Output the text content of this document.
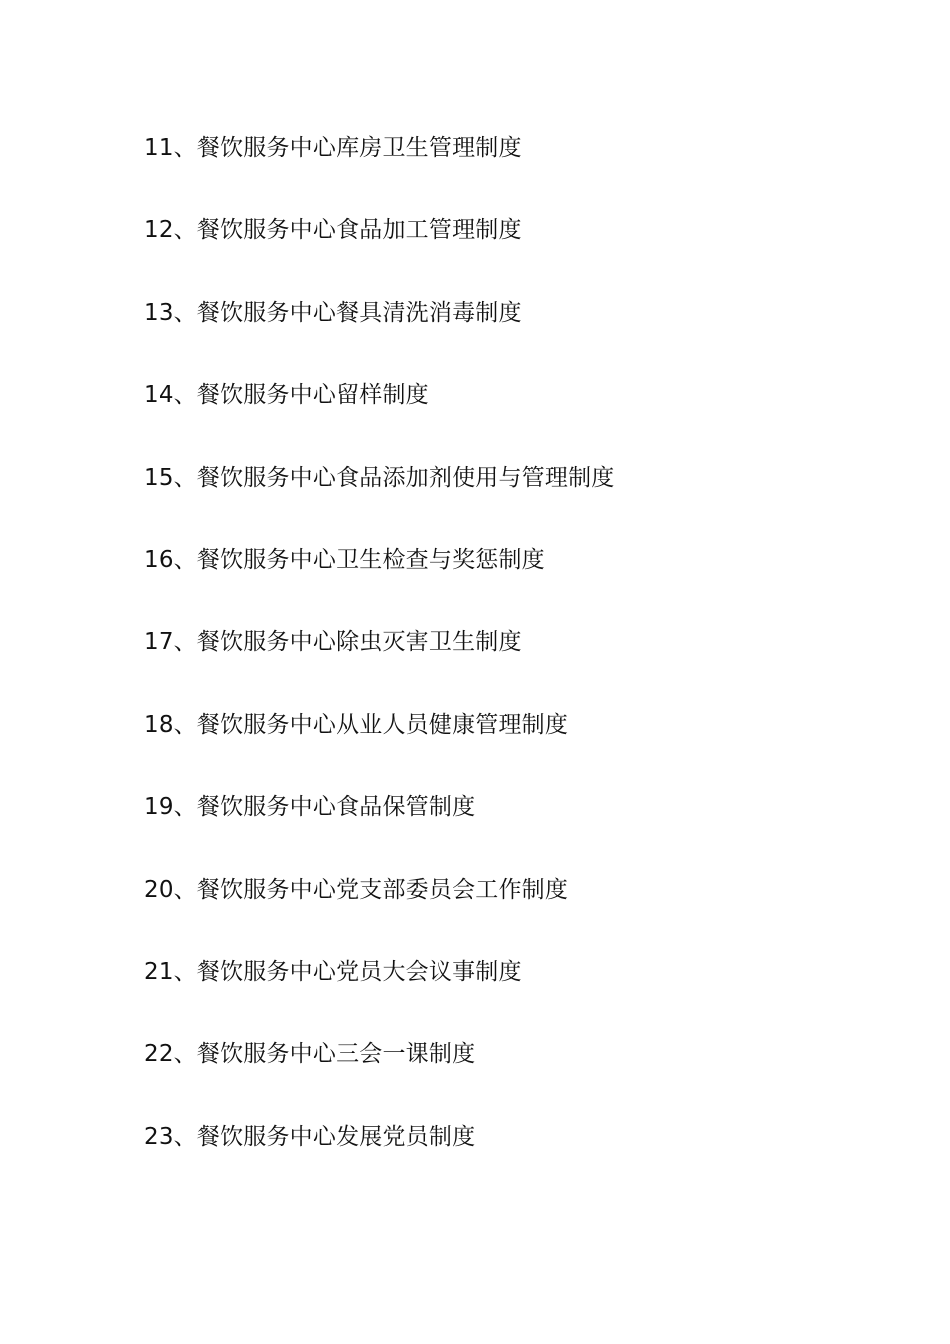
11、餐饮服务中心库房卫生管理制度
12、餐饮服务中心食品加工管理制度
13、餐饮服务中心餐具清洗消毒制度
14、餐饮服务中心留样制度
15、餐饮服务中心食品添加剂使用与管理制度
16、餐饮服务中心卫生检查与奖惩制度
17、餐饮服务中心除虫灭害卫生制度
18、餐饮服务中心从业人员健康管理制度
19、餐饮服务中心食品保管制度
20、餐饮服务中心党支部委员会工作制度
21、餐饮服务中心党员大会议事制度
22、餐饮服务中心三会一课制度
23、餐饮服务中心发展党员制度
